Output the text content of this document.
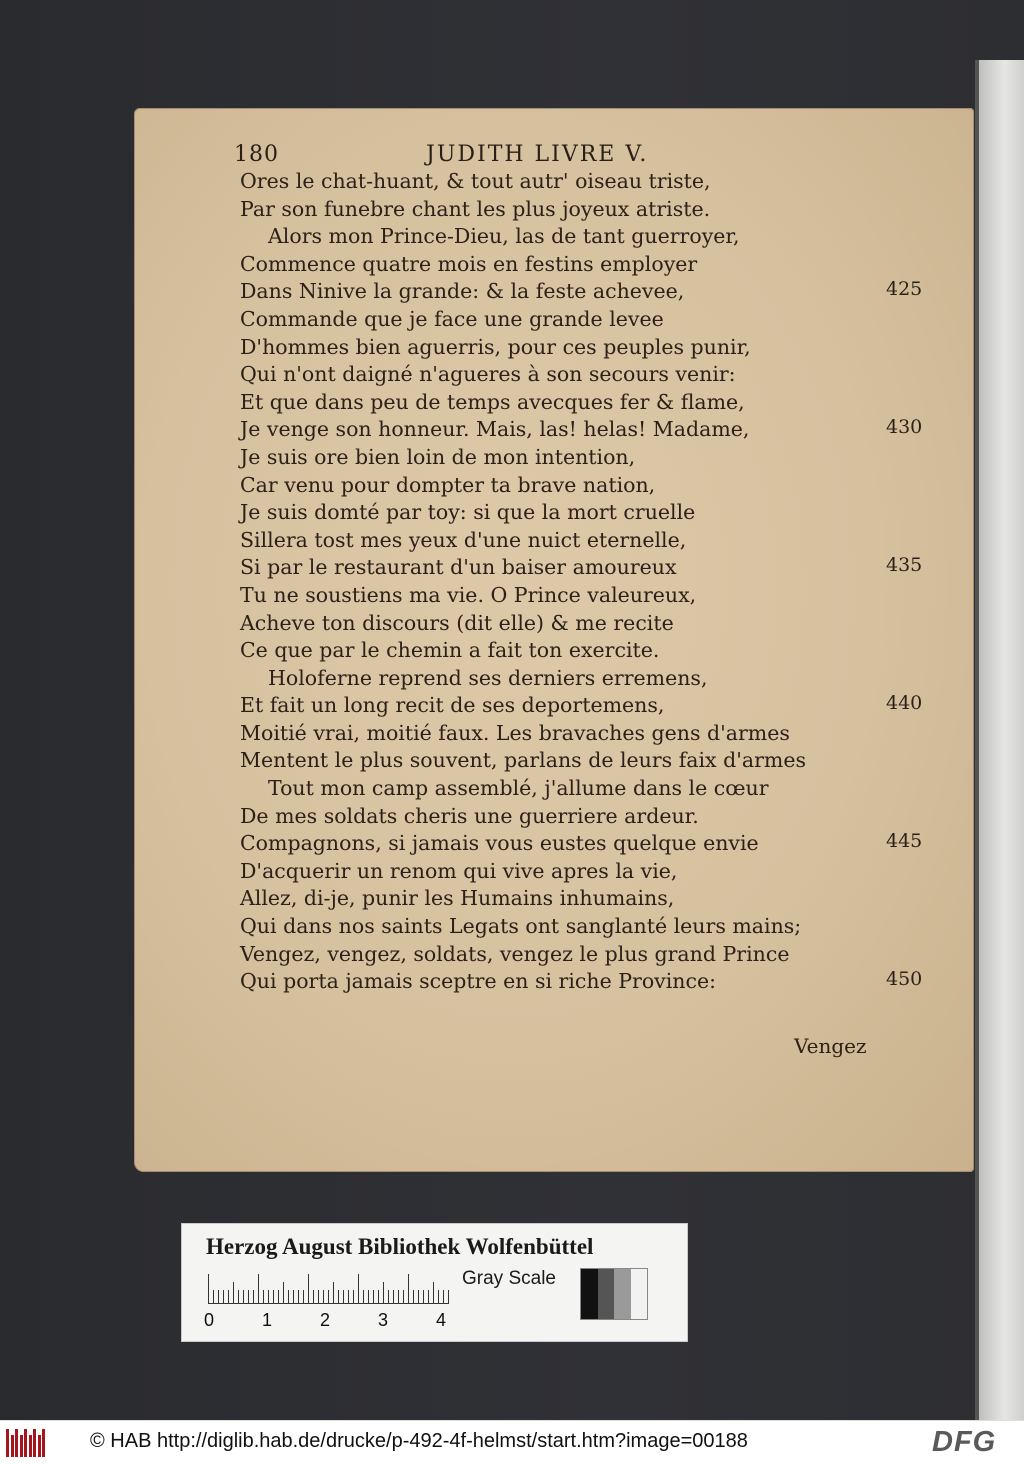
180	JUDITH LIVRE V.
Ores le chat-huant, & tout autr' oiseau triste,
Par son funebre chant les plus joyeux atriste.
Alors mon Prince-Dieu, las de tant guerroyer,
Commence quatre mois en festins employer
Dans Ninive la grande: & la feste achevee,
Commande que je face une grande levee
D'hommes bien aguerris, pour ces peuples punir,
Qui n'ont daigné n'agueres à son secours venir:
Et que dans peu de temps avecques fer & flame,
Je venge son honneur. Mais, las! helas! Madame,
Je suis ore bien loin de mon intention,
Car venu pour dompter ta brave nation,
Je suis domté par toy: si que la mort cruelle
Sillera tost mes yeux d'une nuict eternelle,
Si par le restaurant d'un baiser amoureux
Tu ne soustiens ma vie. O Prince valeureux,
Acheve ton discours (dit elle) & me recite
Ce que par le chemin a fait ton exercite.
Holoferne reprend ses derniers erremens,
Et fait un long recit de ses deportemens,
Moitié vrai, moitié faux. Les bravaches gens d'armes
Mentent le plus souvent, parlans de leurs faix d'armes
Tout mon camp assemblé, j'allume dans le cœur
De mes soldats cheris une guerriere ardeur.
Compagnons, si jamais vous eustes quelque envie
D'acquerir un renom qui vive apres la vie,
Allez, di-je, punir les Humains inhumains,
Qui dans nos saints Legats ont sanglanté leurs mains;
Vengez, vengez, soldats, vengez le plus grand Prince
Qui porta jamais sceptre en si riche Province:
425
430
435
440
445
450
Vengez
Herzog August Bibliothek Wolfenbüttel
0	1	2	3	4
Gray Scale
© HAB http://diglib.hab.de/drucke/p-492-4f-helmst/start.htm?image=00188	DFG
